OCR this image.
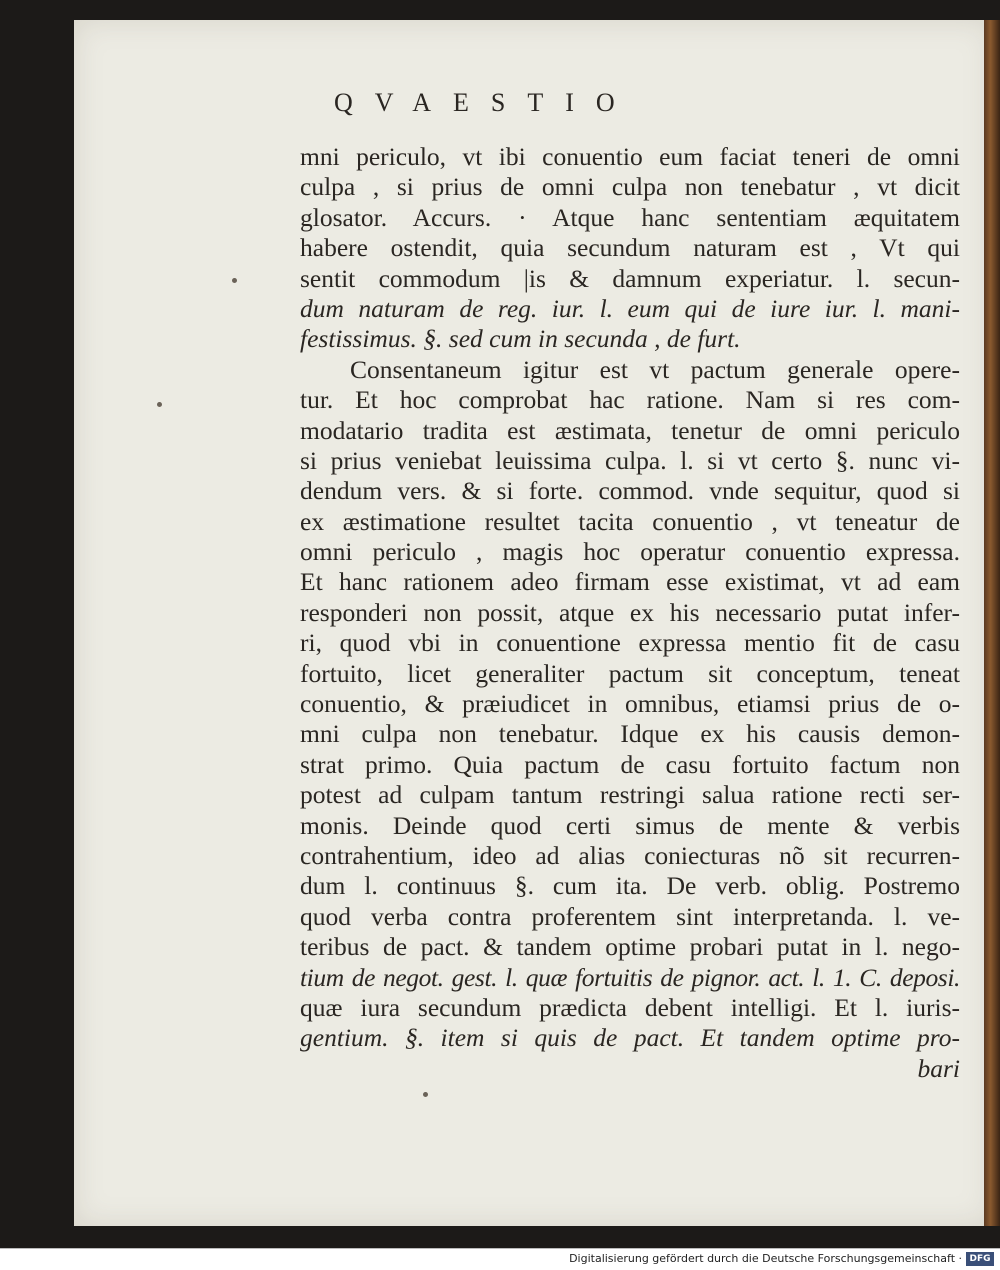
QVAESTIO
mni periculo, vt ibi conuentio eum faciat teneri de omni
culpa , si prius de omni culpa non tenebatur , vt dicit
glosator. Accurs. · Atque hanc sententiam æquitatem
habere ostendit, quia secundum naturam est , Vt qui
sentit commodum |is & damnum experiatur. l. secun-
dum naturam de reg. iur. l. eum qui de iure iur. l. mani-
festissimus. §. sed cum in secunda , de furt.
Consentaneum igitur est vt pactum generale opere-
tur. Et hoc comprobat hac ratione. Nam si res com-
modatario tradita est æstimata, tenetur de omni periculo
si prius veniebat leuissima culpa. l. si vt certo §. nunc vi-
dendum vers. & si forte. commod. vnde sequitur, quod si
ex æstimatione resultet tacita conuentio , vt teneatur de
omni periculo , magis hoc operatur conuentio expressa.
Et hanc rationem adeo firmam esse existimat, vt ad eam
responderi non possit, atque ex his necessario putat infer-
ri, quod vbi in conuentione expressa mentio fit de casu
fortuito, licet generaliter pactum sit conceptum, teneat
conuentio, & præiudicet in omnibus, etiamsi prius de o-
mni culpa non tenebatur. Idque ex his causis demon-
strat primo. Quia pactum de casu fortuito factum non
potest ad culpam tantum restringi salua ratione recti ser-
monis. Deinde quod certi simus de mente & verbis
contrahentium, ideo ad alias coniecturas nõ sit recurren-
dum l. continuus §. cum ita. De verb. oblig. Postremo
quod verba contra proferentem sint interpretanda. l. ve-
teribus de pact. & tandem optime probari putat in l. nego-
tium de negot. gest. l. quæ fortuitis de pignor. act. l. 1. C. deposi.
quæ iura secundum prædicta debent intelligi. Et l. iuris-
gentium. §. item si quis de pact. Et tandem optime pro-
bari
Digitalisierung gefördert durch die Deutsche Forschungsgemeinschaft · DFG
